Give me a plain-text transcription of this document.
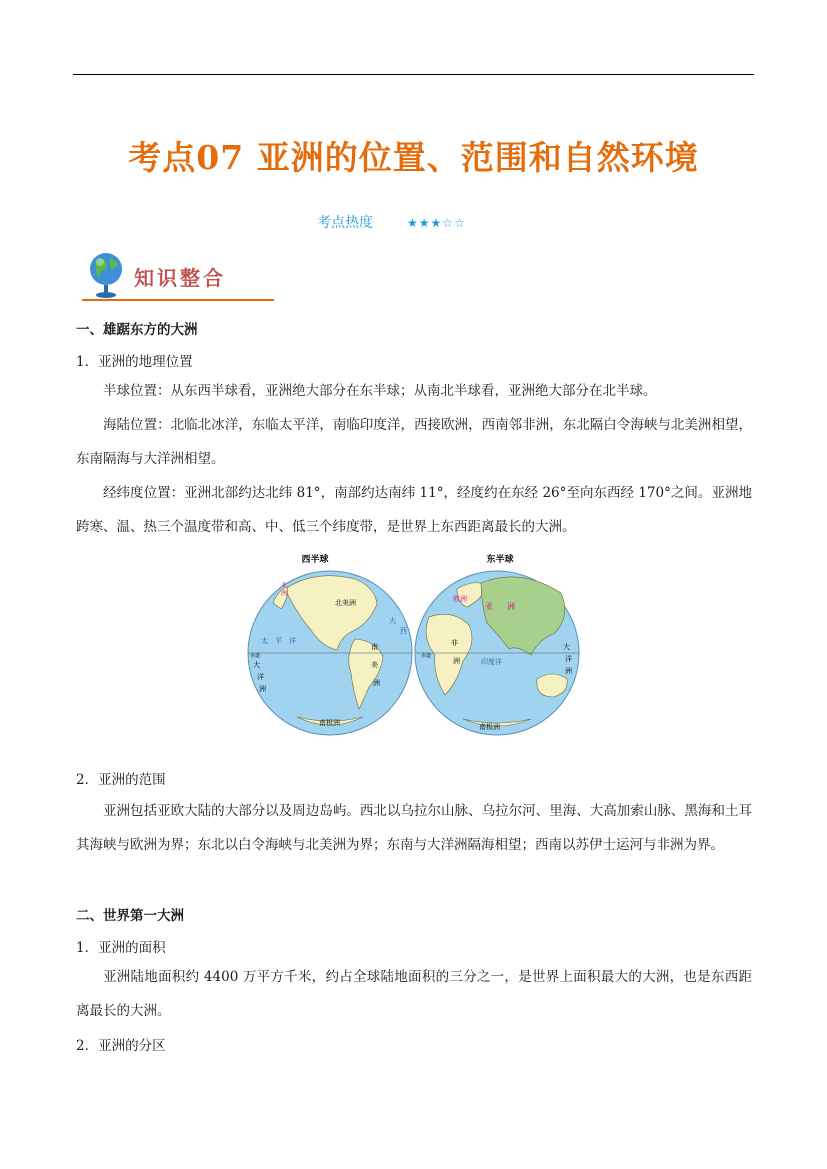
考点07 亚洲的位置、范围和自然环境
考点热度	★★★☆☆
知识整合
一、雄踞东方的大洲
1．亚洲的地理位置
半球位置：从东西半球看，亚洲绝大部分在东半球；从南北半球看，亚洲绝大部分在北半球。
海陆位置：北临北冰洋，东临太平洋，南临印度洋，西接欧洲，西南邻非洲，东北隔白令海峡与北美洲相望，东南隔海与大洋洲相望。
经纬度位置：亚洲北部约达北纬 81°，南部约达南纬 11°，经度约在东经 26°至向东西经 170°之间。亚洲地跨寒、温、热三个温度带和高、中、低三个纬度带，是世界上东西距离最长的大洲。
西半球	东半球
北美洲
南
美
洲
南极洲
太 平 洋
赤道
大
洋
洲
亚
洲
大
西
欧洲
亚 洲
非
洲	印度洋
南极洲
赤道
大
洋
洲
2．亚洲的范围
亚洲包括亚欧大陆的大部分以及周边岛屿。西北以乌拉尔山脉、乌拉尔河、里海、大高加索山脉、黑海和土耳其海峡与欧洲为界；东北以白令海峡与北美洲为界；东南与大洋洲隔海相望；西南以苏伊士运河与非洲为界。
二、世界第一大洲
1．亚洲的面积
亚洲陆地面积约 4400 万平方千米，约占全球陆地面积的三分之一，是世界上面积最大的大洲，也是东西距离最长的大洲。
2．亚洲的分区
